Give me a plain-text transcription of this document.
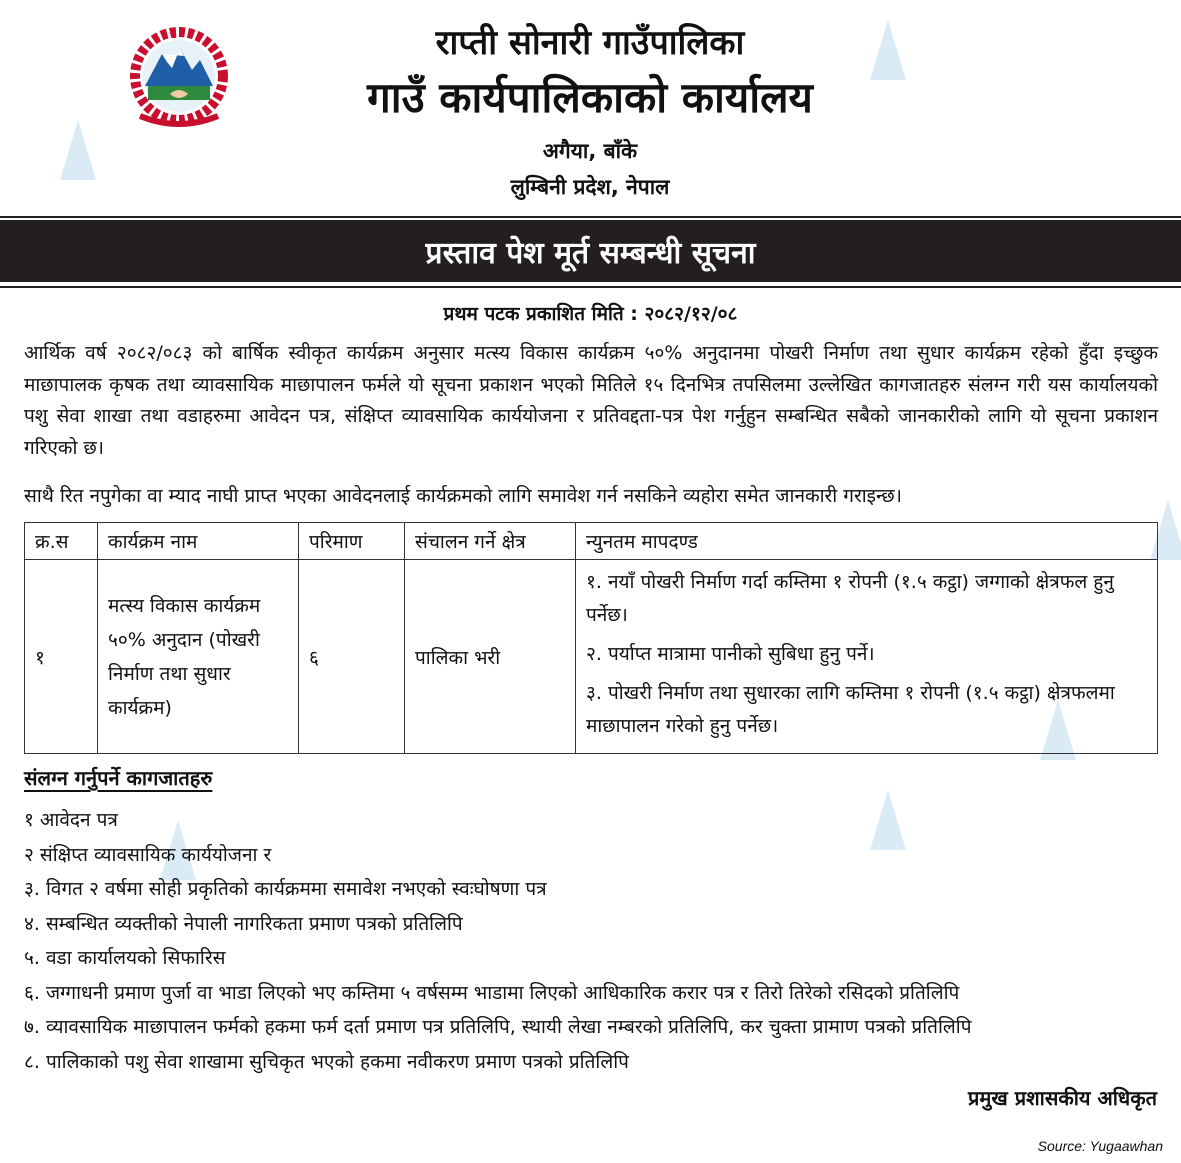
राप्ती सोनारी गाउँपालिका
गाउँ कार्यपालिकाको कार्यालय
अगैया, बाँके
लुम्बिनी प्रदेश, नेपाल
प्रस्ताव पेश मूर्त सम्बन्धी सूचना
प्रथम पटक प्रकाशित मिति : २०८२/१२/०८
आर्थिक वर्ष २०८२/०८३ को बार्षिक स्वीकृत कार्यक्रम अनुसार मत्स्य विकास कार्यक्रम ५०% अनुदानमा पोखरी निर्माण तथा सुधार कार्यक्रम रहेको हुँदा इच्छुक माछापालक कृषक तथा व्यावसायिक माछापालन फर्मले यो सूचना प्रकाशन भएको मितिले १५ दिनभित्र तपसिलमा उल्लेखित कागजातहरु संलग्न गरी यस कार्यालयको पशु सेवा शाखा तथा वडाहरुमा आवेदन पत्र, संक्षिप्त व्यावसायिक कार्ययोजना र प्रतिवद्दता-पत्र पेश गर्नुहुन सम्बन्धित सबैको जानकारीको लागि यो सूचना प्रकाशन गरिएको छ।
साथै रित नपुगेका वा म्याद नाघी प्राप्त भएका आवेदनलाई कार्यक्रमको लागि समावेश गर्न नसकिने व्यहोरा समेत जानकारी गराइन्छ।
क्र.स	कार्यक्रम नाम	परिमाण	संचालन गर्ने क्षेत्र	न्युनतम मापदण्ड
१	मत्स्य विकास कार्यक्रम ५०% अनुदान (पोखरी निर्माण तथा सुधार कार्यक्रम)	६	पालिका भरी	१. नयाँ पोखरी निर्माण गर्दा कम्तिमा १ रोपनी (१.५ कट्ठा) जग्गाको क्षेत्रफल हुनु पर्नेछ।
२. पर्याप्त मात्रामा पानीको सुबिधा हुनु पर्ने।
३. पोखरी निर्माण तथा सुधारका लागि कम्तिमा १ रोपनी (१.५ कट्ठा) क्षेत्रफलमा माछापालन गरेको हुनु पर्नेछ।
संलग्न गर्नुपर्ने कागजातहरु
१ आवेदन पत्र
२ संक्षिप्त व्यावसायिक कार्ययोजना र
३. विगत २ वर्षमा सोही प्रकृतिको कार्यक्रममा समावेश नभएको स्वःघोषणा पत्र
४. सम्बन्धित व्यक्तीको नेपाली नागरिकता प्रमाण पत्रको प्रतिलिपि
५. वडा कार्यालयको सिफारिस
६. जग्गाधनी प्रमाण पुर्जा वा भाडा लिएको भए कम्तिमा ५ वर्षसम्म भाडामा लिएको आधिकारिक करार पत्र र तिरो तिरेको रसिदको प्रतिलिपि
७. व्यावसायिक माछापालन फर्मको हकमा फर्म दर्ता प्रमाण पत्र प्रतिलिपि, स्थायी लेखा नम्बरको प्रतिलिपि, कर चुक्ता प्रामाण पत्रको प्रतिलिपि
८. पालिकाको पशु सेवा शाखामा सुचिकृत भएको हकमा नवीकरण प्रमाण पत्रको प्रतिलिपि
प्रमुख प्रशासकीय अधिकृत
Source: Yugaawhan
